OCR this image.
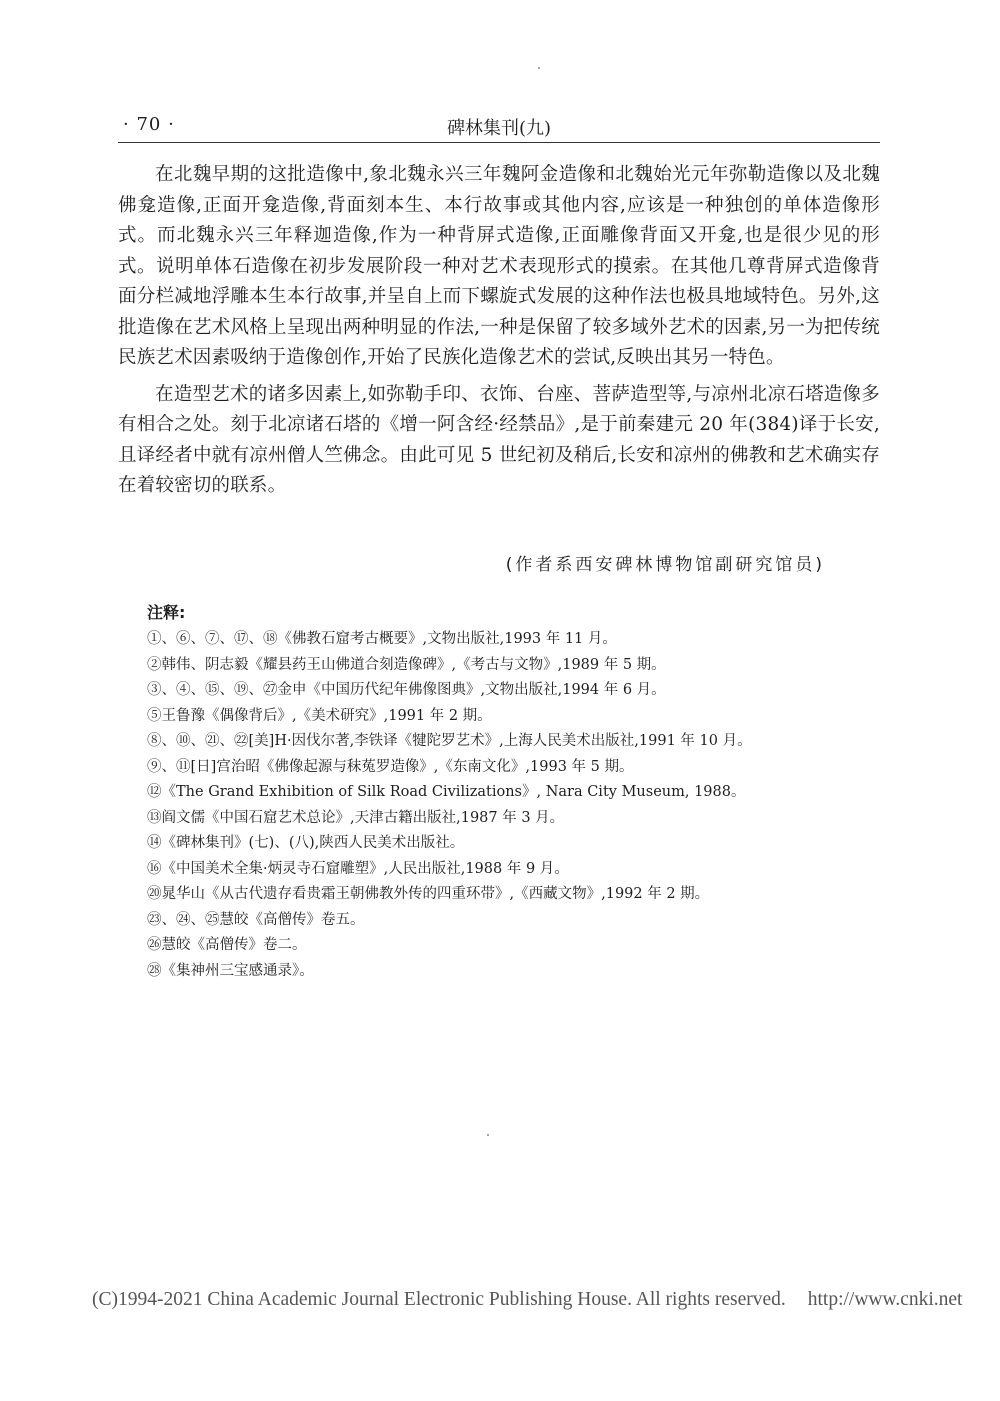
· 70 ·	碑林集刊(九)

在北魏早期的这批造像中,象北魏永兴三年魏阿金造像和北魏始光元年弥勒造像以及北魏佛龛造像,正面开龛造像,背面刻本生、本行故事或其他内容,应该是一种独创的单体造像形式。而北魏永兴三年释迦造像,作为一种背屏式造像,正面雕像背面又开龛,也是很少见的形式。说明单体石造像在初步发展阶段一种对艺术表现形式的摸索。在其他几尊背屏式造像背面分栏减地浮雕本生本行故事,并呈自上而下螺旋式发展的这种作法也极具地域特色。另外,这批造像在艺术风格上呈现出两种明显的作法,一种是保留了较多域外艺术的因素,另一为把传统民族艺术因素吸纳于造像创作,开始了民族化造像艺术的尝试,反映出其另一特色。

在造型艺术的诸多因素上,如弥勒手印、衣饰、台座、菩萨造型等,与凉州北凉石塔造像多有相合之处。刻于北凉诸石塔的《增一阿含经·经禁品》,是于前秦建元 20 年(384)译于长安,且译经者中就有凉州僧人竺佛念。由此可见 5 世纪初及稍后,长安和凉州的佛教和艺术确实存在着较密切的联系。

(作者系西安碑林博物馆副研究馆员)
注释:
①、⑥、⑦、⑰、⑱《佛教石窟考古概要》,文物出版社,1993 年 11 月。
②韩伟、阴志毅《耀县药王山佛道合刻造像碑》,《考古与文物》,1989 年 5 期。
③、④、⑮、⑲、㉗金申《中国历代纪年佛像图典》,文物出版社,1994 年 6 月。
⑤王鲁豫《偶像背后》,《美术研究》,1991 年 2 期。
⑧、⑩、㉑、㉒[美]H·因伐尔著,李铁译《犍陀罗艺术》,上海人民美术出版社,1991 年 10 月。
⑨、⑪[日]宫治昭《佛像起源与秣菟罗造像》,《东南文化》,1993 年 5 期。
⑫《The Grand Exhibition of Silk Road Civilizations》, Nara City Museum, 1988。
⑬阎文儒《中国石窟艺术总论》,天津古籍出版社,1987 年 3 月。
⑭《碑林集刊》(七)、(八),陕西人民美术出版社。
⑯《中国美术全集·炳灵寺石窟雕塑》,人民出版社,1988 年 9 月。
⑳晁华山《从古代遗存看贵霜王朝佛教外传的四重环带》,《西藏文物》,1992 年 2 期。
㉓、㉔、㉕慧皎《高僧传》卷五。
㉖慧皎《高僧传》卷二。
㉘《集神州三宝感通录》。
(C)1994-2021 China Academic Journal Electronic Publishing House. All rights reserved. http://www.cnki.net
